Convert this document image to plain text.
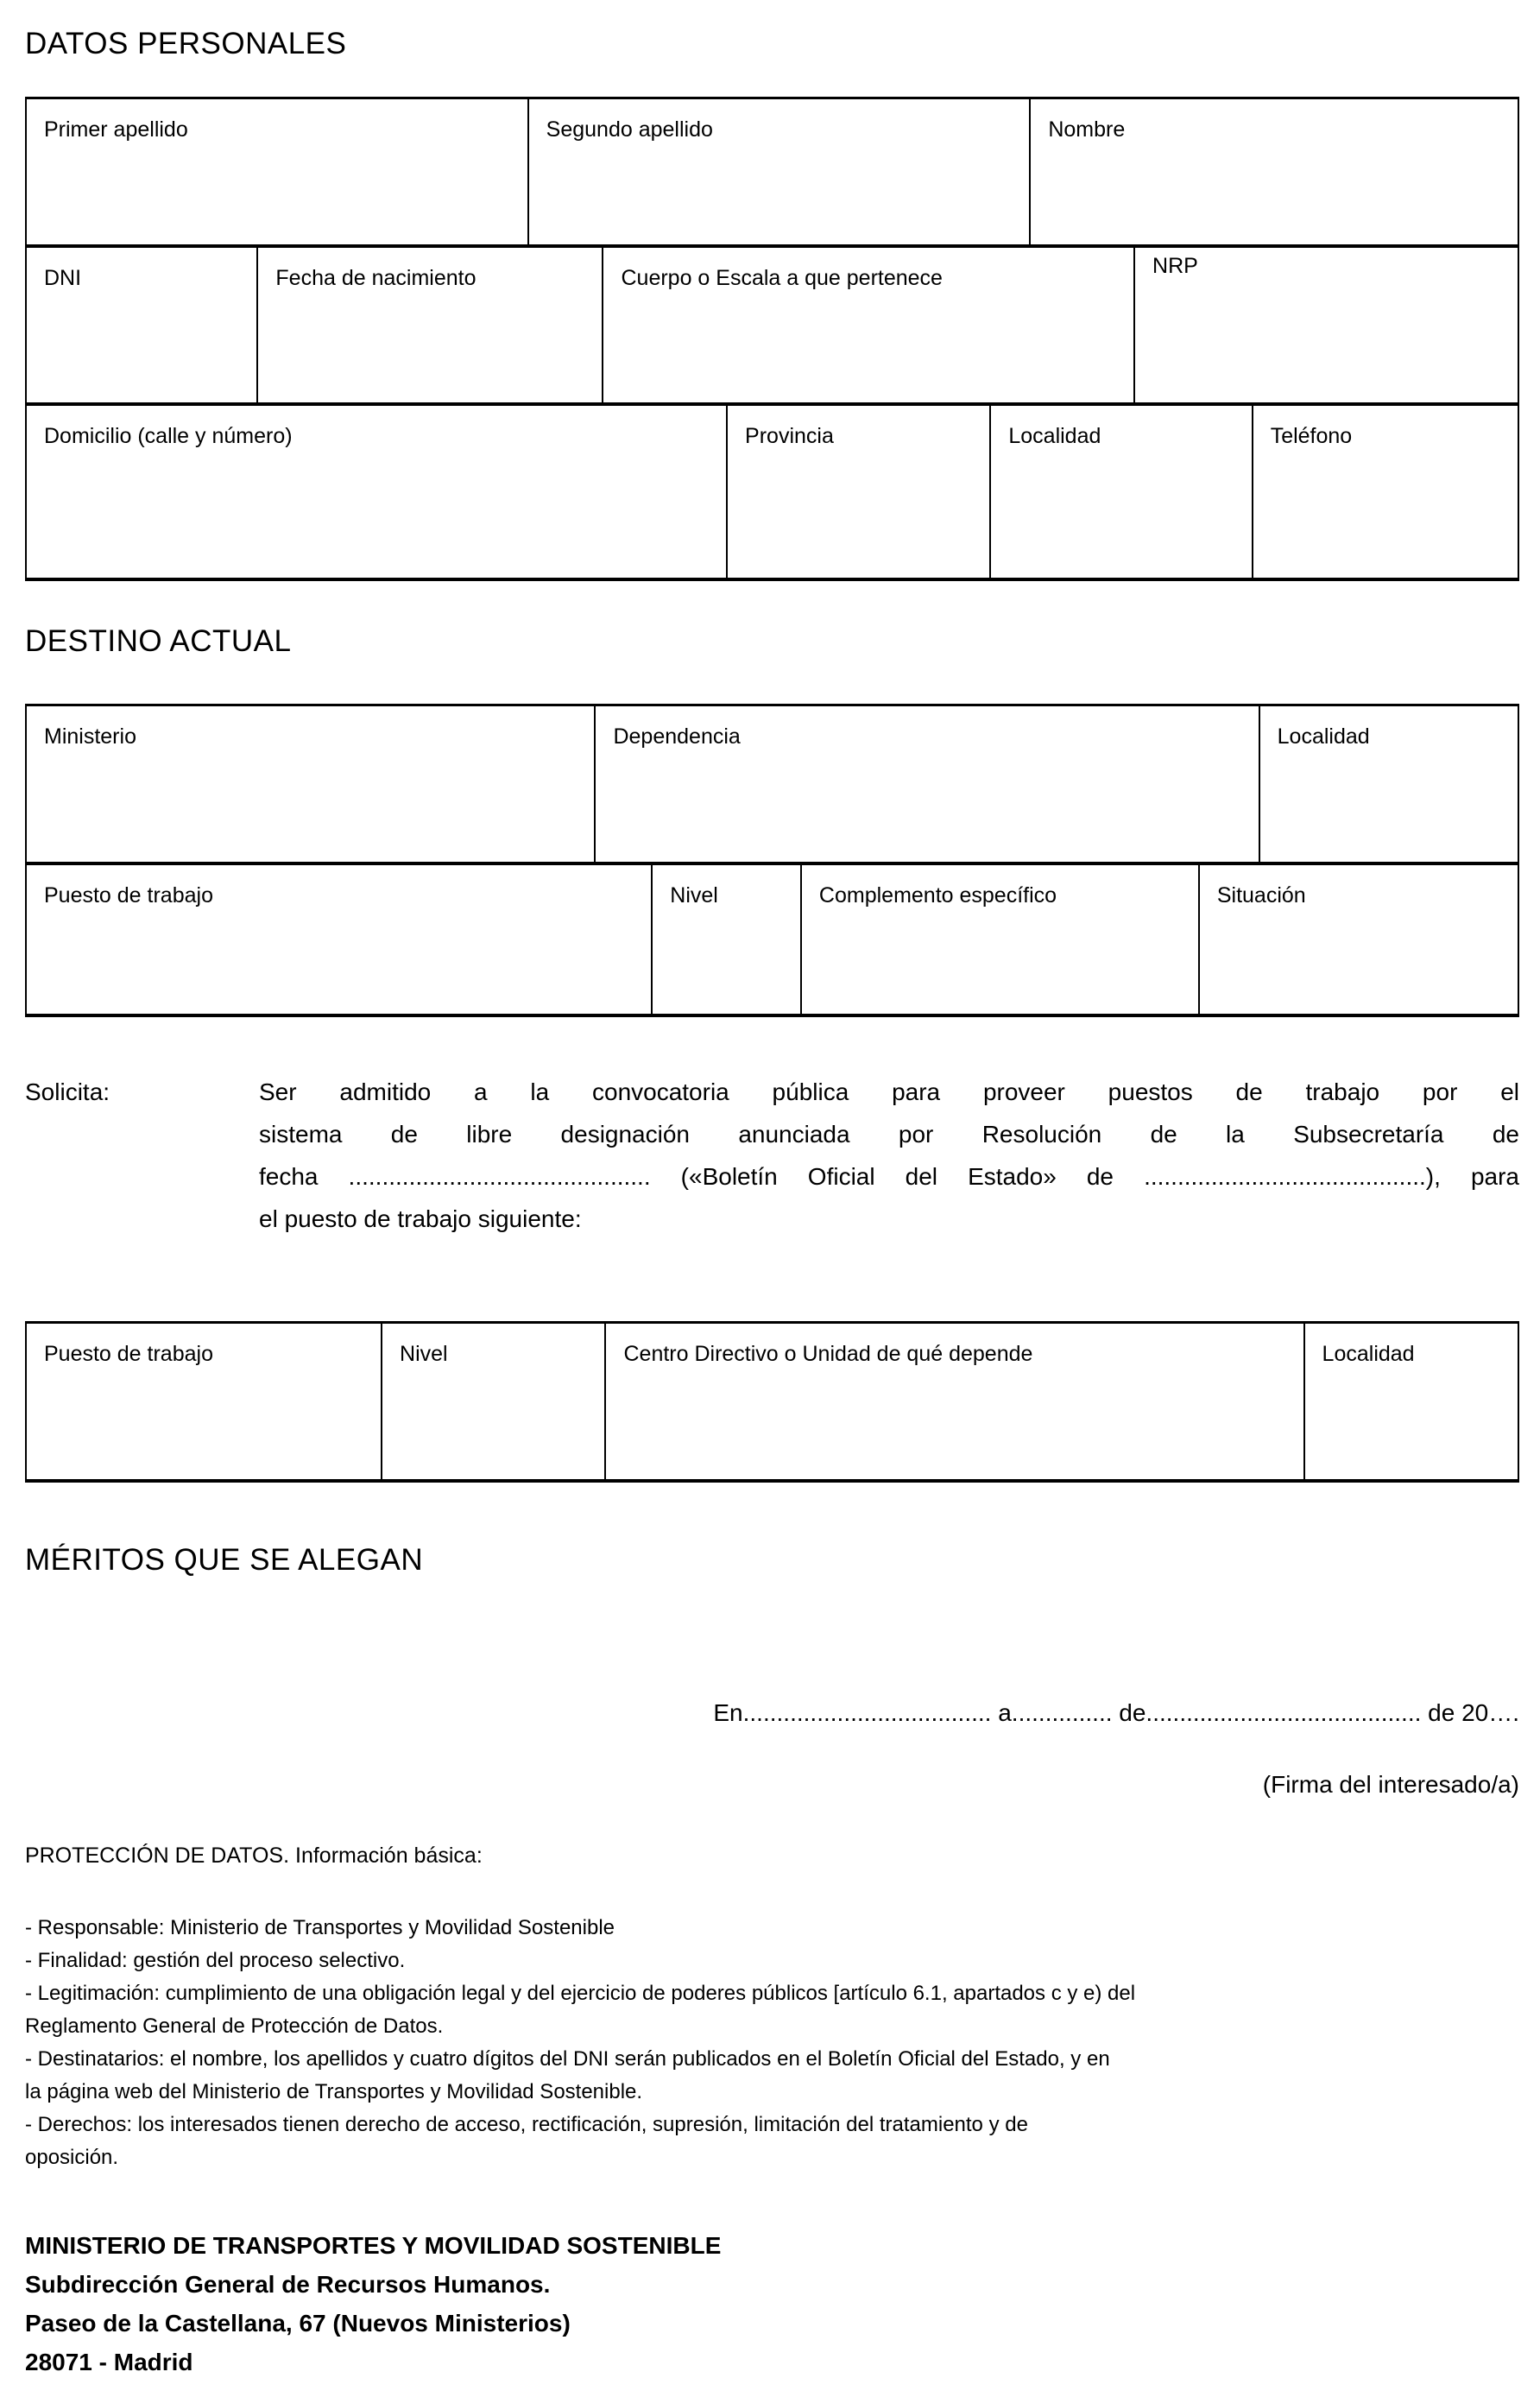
DATOS PERSONALES
Primer apellido	Segundo apellido	Nombre
DNI	Fecha de nacimiento	Cuerpo o Escala a que pertenece	NRP
Domicilio (calle y número)	Provincia	Localidad	Teléfono
DESTINO ACTUAL
Ministerio	Dependencia	Localidad
Puesto de trabajo	Nivel	Complemento específico	Situación
Solicita:	Ser admitido a la convocatoria pública para proveer puestos de trabajo por el
sistema de libre designación anunciada por Resolución de la Subsecretaría de
fecha ............................................. («Boletín Oficial del Estado» de ..........................................), para
el puesto de trabajo siguiente:
Puesto de trabajo	Nivel	Centro Directivo o Unidad de qué depende	Localidad
MÉRITOS QUE SE ALEGAN
En..................................... a............... de......................................... de 20….
(Firma del interesado/a)
PROTECCIÓN DE DATOS. Información básica:
- Responsable: Ministerio de Transportes y Movilidad Sostenible
- Finalidad: gestión del proceso selectivo.
- Legitimación: cumplimiento de una obligación legal y del ejercicio de poderes públicos [artículo 6.1, apartados c y e) del
Reglamento General de Protección de Datos.
- Destinatarios: el nombre, los apellidos y cuatro dígitos del DNI serán publicados en el Boletín Oficial del Estado, y en
la página web del Ministerio de Transportes y Movilidad Sostenible.
- Derechos: los interesados tienen derecho de acceso, rectificación, supresión, limitación del tratamiento y de
oposición.
MINISTERIO DE TRANSPORTES Y MOVILIDAD SOSTENIBLE
Subdirección General de Recursos Humanos.
Paseo de la Castellana, 67 (Nuevos Ministerios)
28071 - Madrid
